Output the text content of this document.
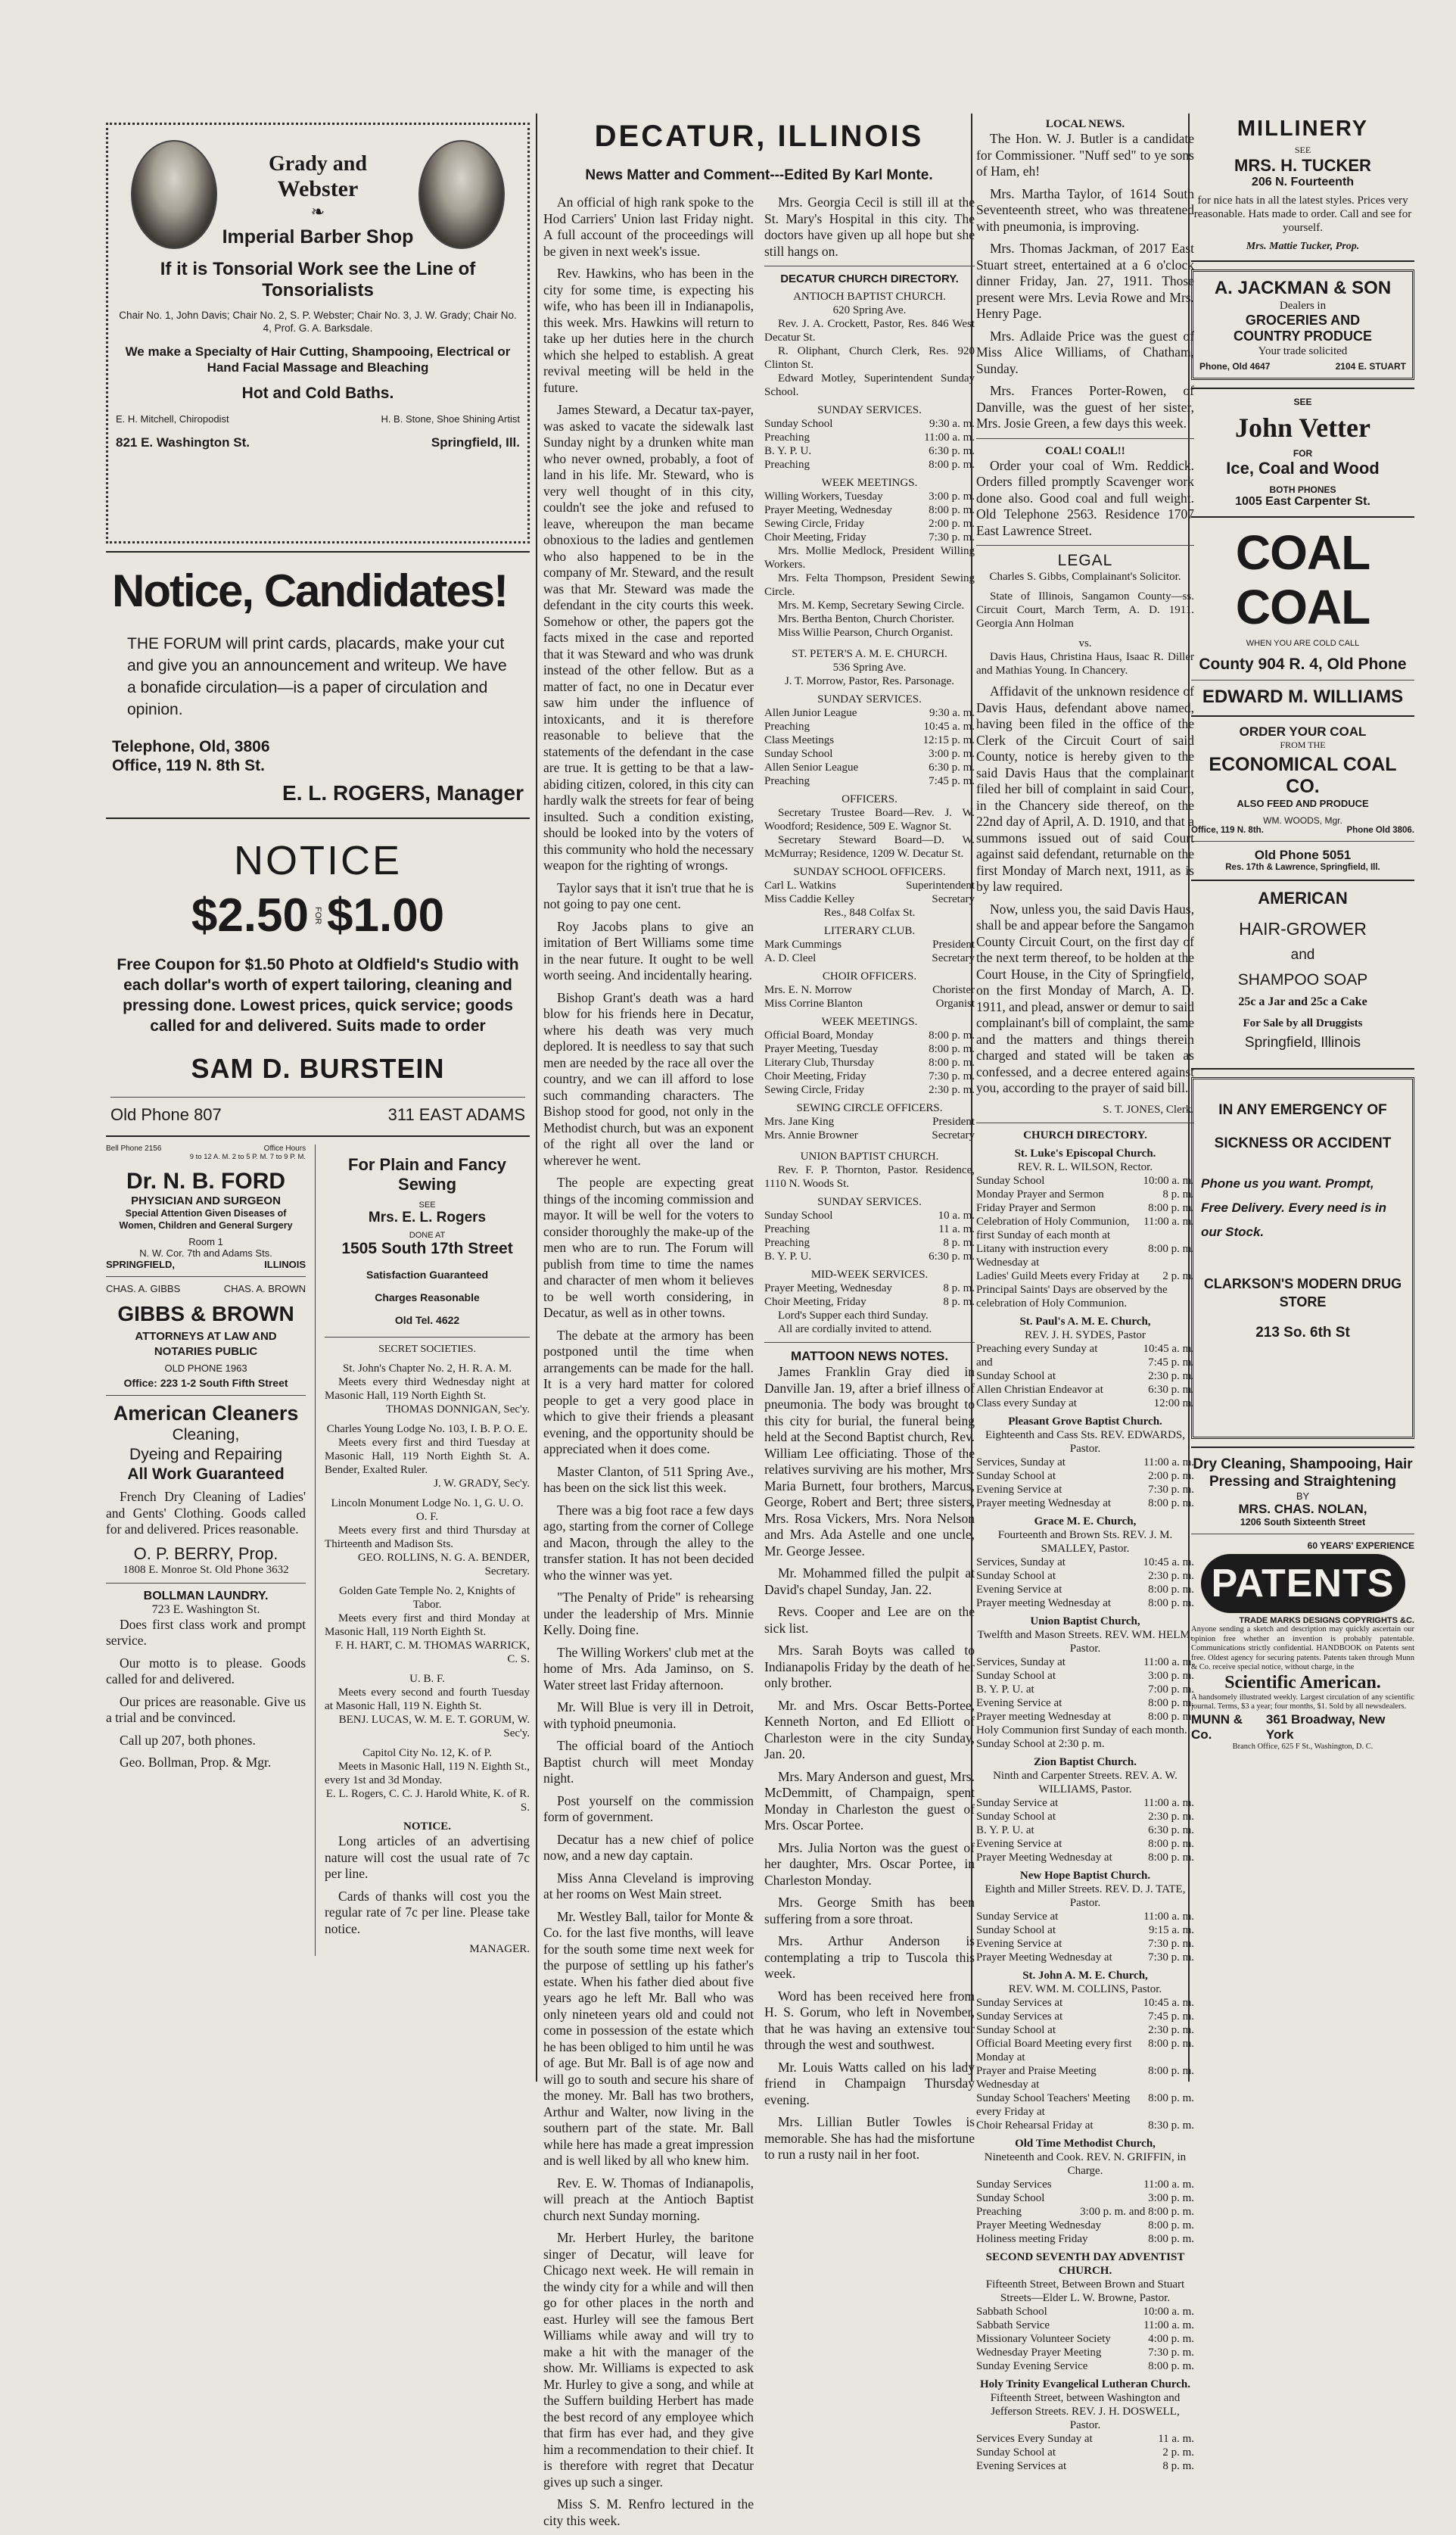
Grady and
Webster
❧
Imperial Barber Shop
If it is Tonsorial Work see the Line of Tonsorialists
Chair No. 1, John Davis; Chair No. 2, S. P. Webster; Chair No. 3, J. W. Grady; Chair No. 4, Prof. G. A. Barksdale.
We make a Specialty of Hair Cutting, Shampooing, Electrical or Hand Facial Massage and Bleaching
Hot and Cold Baths.
E. H. Mitchell, Chiropodist	H. B. Stone, Shoe Shining Artist
821 E. Washington St.	Springfield, Ill.
Notice, Candidates!
THE FORUM will print cards, placards, make your cut and give you an announcement and writeup. We have a bonafide circulation—is a paper of circulation and opinion.
Telephone, Old, 3806
Office, 119 N. 8th St.
E. L. ROGERS, Manager
NOTICE
$2.50 FOR $1.00
Free Coupon for $1.50 Photo at Oldfield's Studio with each dollar's worth of expert tailoring, cleaning and pressing done. Lowest prices, quick service; goods called for and delivered. Suits made to order
SAM D. BURSTEIN
Old Phone 807	311 EAST ADAMS
Bell Phone 2156	Office Hours
9 to 12 A. M. 2 to 5 P. M. 7 to 9 P. M.
Dr. N. B. FORD
PHYSICIAN AND SURGEON
Special Attention Given Diseases of Women, Children and General Surgery
Room 1
N. W. Cor. 7th and Adams Sts.
SPRINGFIELD,	ILLINOIS
CHAS. A. GIBBS	CHAS. A. BROWN
GIBBS & BROWN
ATTORNEYS AT LAW AND NOTARIES PUBLIC
OLD PHONE 1963
Office: 223 1-2 South Fifth Street
American Cleaners
Cleaning,
Dyeing and Repairing
All Work Guaranteed
French Dry Cleaning of Ladies' and Gents' Clothing. Goods called for and delivered. Prices reasonable.
O. P. BERRY, Prop.
1808 E. Monroe St. Old Phone 3632
BOLLMAN LAUNDRY.
723 E. Washington St.
Does first class work and prompt service.
Our motto is to please. Goods called for and delivered.
Our prices are reasonable. Give us a trial and be convinced.
Call up 207, both phones.
Geo. Bollman, Prop. & Mgr.
For Plain and Fancy Sewing
SEE
Mrs. E. L. Rogers
DONE AT
1505 South 17th Street
Satisfaction Guaranteed
Charges Reasonable
Old Tel. 4622
SECRET SOCIETIES.
St. John's Chapter No. 2, H. R. A. M.
Meets every third Wednesday night at Masonic Hall, 119 North Eighth St.
THOMAS DONNIGAN, Sec'y.
Charles Young Lodge No. 103, I. B. P. O. E.
Meets every first and third Tuesday at Masonic Hall, 119 North Eighth St. A. Bender, Exalted Ruler.
J. W. GRADY, Sec'y.
Lincoln Monument Lodge No. 1, G. U. O. O. F.
Meets every first and third Thursday at Thirteenth and Madison Sts.
GEO. ROLLINS, N. G. A. BENDER, Secretary.
Golden Gate Temple No. 2, Knights of Tabor.
Meets every first and third Monday at Masonic Hall, 119 North Eighth St.
F. H. HART, C. M. THOMAS WARRICK, C. S.
U. B. F.
Meets every second and fourth Tuesday at Masonic Hall, 119 N. Eighth St.
BENJ. LUCAS, W. M. E. T. GORUM, W. Sec'y.
Capitol City No. 12, K. of P.
Meets in Masonic Hall, 119 N. Eighth St., every 1st and 3d Monday.
E. L. Rogers, C. C. J. Harold White, K. of R. S.
NOTICE.
Long articles of an advertising nature will cost the usual rate of 7c per line.
Cards of thanks will cost you the regular rate of 7c per line. Please take notice.
MANAGER.
DECATUR, ILLINOIS
News Matter and Comment---Edited By Karl Monte.
An official of high rank spoke to the Hod Carriers' Union last Friday night. A full account of the proceedings will be given in next week's issue.
Rev. Hawkins, who has been in the city for some time, is expecting his wife, who has been ill in Indianapolis, this week. Mrs. Hawkins will return to take up her duties here in the church which she helped to establish. A great revival meeting will be held in the future.
James Steward, a Decatur tax-payer, was asked to vacate the sidewalk last Sunday night by a drunken white man who never owned, probably, a foot of land in his life. Mr. Steward, who is very well thought of in this city, couldn't see the joke and refused to leave, whereupon the man became obnoxious to the ladies and gentlemen who also happened to be in the company of Mr. Steward, and the result was that Mr. Steward was made the defendant in the city courts this week. Somehow or other, the papers got the facts mixed in the case and reported that it was Steward and who was drunk instead of the other fellow. But as a matter of fact, no one in Decatur ever saw him under the influence of intoxicants, and it is therefore reasonable to believe that the statements of the defendant in the case are true. It is getting to be that a law-abiding citizen, colored, in this city can hardly walk the streets for fear of being insulted. Such a condition existing, should be looked into by the voters of this community who hold the necessary weapon for the righting of wrongs.
Taylor says that it isn't true that he is not going to pay one cent.
Roy Jacobs plans to give an imitation of Bert Williams some time in the near future. It ought to be well worth seeing. And incidentally hearing.
Bishop Grant's death was a hard blow for his friends here in Decatur, where his death was very much deplored. It is needless to say that such men are needed by the race all over the country, and we can ill afford to lose such commanding characters. The Bishop stood for good, not only in the Methodist church, but was an exponent of the right all over the land or wherever he went.
The people are expecting great things of the incoming commission and mayor. It will be well for the voters to consider thoroughly the make-up of the men who are to run. The Forum will publish from time to time the names and character of men whom it believes to be well worth considering, in Decatur, as well as in other towns.
The debate at the armory has been postponed until the time when arrangements can be made for the hall. It is a very hard matter for colored people to get a very good place in which to give their friends a pleasant evening, and the opportunity should be appreciated when it does come.
Master Clanton, of 511 Spring Ave., has been on the sick list this week.
There was a big foot race a few days ago, starting from the corner of College and Macon, through the alley to the transfer station. It has not been decided who the winner was yet.
"The Penalty of Pride" is rehearsing under the leadership of Mrs. Minnie Kelly. Doing fine.
The Willing Workers' club met at the home of Mrs. Ada Jaminso, on S. Water street last Friday afternoon.
Mr. Will Blue is very ill in Detroit, with typhoid pneumonia.
The official board of the Antioch Baptist church will meet Monday night.
Post yourself on the commission form of government.
Decatur has a new chief of police now, and a new day captain.
Miss Anna Cleveland is improving at her rooms on West Main street.
Mr. Westley Ball, tailor for Monte & Co. for the last five months, will leave for the south some time next week for the purpose of settling up his father's estate. When his father died about five years ago he left Mr. Ball who was only nineteen years old and could not come in possession of the estate which he has been obliged to him until he was of age. But Mr. Ball is of age now and will go to south and secure his share of the money. Mr. Ball has two brothers, Arthur and Walter, now living in the southern part of the state. Mr. Ball while here has made a great impression and is well liked by all who knew him.
Rev. E. W. Thomas of Indianapolis, will preach at the Antioch Baptist church next Sunday morning.
Mr. Herbert Hurley, the baritone singer of Decatur, will leave for Chicago next week. He will remain in the windy city for a while and will then go for other places in the north and east. Hurley will see the famous Bert Williams while away and will try to make a hit with the manager of the show. Mr. Williams is expected to ask Mr. Hurley to give a song, and while at the Suffern building Herbert has made the best record of any employee which that firm has ever had, and they give him a recommendation to their chief. It is therefore with regret that Decatur gives up such a singer.
Miss S. M. Renfro lectured in the city this week.
Mrs. Georgia Cecil is still ill at the St. Mary's Hospital in this city. The doctors have given up all hope but she still hangs on.
DECATUR CHURCH DIRECTORY.
ANTIOCH BAPTIST CHURCH.
620 Spring Ave.
Rev. J. A. Crockett, Pastor, Res. 846 West Decatur St.
R. Oliphant, Church Clerk, Res. 920 Clinton St.
Edward Motley, Superintendent Sunday School.
SUNDAY SERVICES.
Sunday School	9:30 a. m.
Preaching	11:00 a. m.
B. Y. P. U.	6:30 p. m.
Preaching	8:00 p. m.
WEEK MEETINGS.
Willing Workers, Tuesday	3:00 p. m.
Prayer Meeting, Wednesday	8:00 p. m.
Sewing Circle, Friday	2:00 p. m.
Choir Meeting, Friday	7:30 p. m.
Mrs. Mollie Medlock, President Willing Workers.
Mrs. Felta Thompson, President Sewing Circle.
Mrs. M. Kemp, Secretary Sewing Circle.
Mrs. Bertha Benton, Church Chorister.
Miss Willie Pearson, Church Organist.
ST. PETER'S A. M. E. CHURCH.
536 Spring Ave.
J. T. Morrow, Pastor, Res. Parsonage.
SUNDAY SERVICES.
Allen Junior League	9:30 a. m.
Preaching	10:45 a. m.
Class Meetings	12:15 p. m.
Sunday School	3:00 p. m.
Allen Senior League	6:30 p. m.
Preaching	7:45 p. m.
OFFICERS.
Secretary Trustee Board—Rev. J. W. Woodford; Residence, 509 E. Wagnor St.
Secretary Steward Board—D. W. McMurray; Residence, 1209 W. Decatur St.
SUNDAY SCHOOL OFFICERS.
Carl L. Watkins	Superintendent
Miss Caddie Kelley	Secretary
Res., 848 Colfax St.
LITERARY CLUB.
Mark Cummings	President
A. D. Cleel	Secretary
CHOIR OFFICERS.
Mrs. E. N. Morrow	Chorister
Miss Corrine Blanton	Organist
WEEK MEETINGS.
Official Board, Monday	8:00 p. m.
Prayer Meeting, Tuesday	8:00 p. m.
Literary Club, Thursday	8:00 p. m.
Choir Meeting, Friday	7:30 p. m.
Sewing Circle, Friday	2:30 p. m.
SEWING CIRCLE OFFICERS.
Mrs. Jane King	President
Mrs. Annie Browner	Secretary
UNION BAPTIST CHURCH.
Rev. F. P. Thornton, Pastor. Residence, 1110 N. Woods St.
SUNDAY SERVICES.
Sunday School	10 a. m.
Preaching	11 a. m.
Preaching	8 p. m.
B. Y. P. U.	6:30 p. m.
MID-WEEK SERVICES.
Prayer Meeting, Wednesday	8 p. m.
Choir Meeting, Friday	8 p. m.
Lord's Supper each third Sunday.
All are cordially invited to attend.
MATTOON NEWS NOTES.
James Franklin Gray died in Danville Jan. 19, after a brief illness of pneumonia. The body was brought to this city for burial, the funeral being held at the Second Baptist church, Rev. William Lee officiating. Those of the relatives surviving are his mother, Mrs. Maria Burnett, four brothers, Marcus, George, Robert and Bert; three sisters, Mrs. Rosa Vickers, Mrs. Nora Nelson and Mrs. Ada Astelle and one uncle, Mr. George Jessee.
Mr. Mohammed filled the pulpit at David's chapel Sunday, Jan. 22.
Revs. Cooper and Lee are on the sick list.
Mrs. Sarah Boyts was called to Indianapolis Friday by the death of her only brother.
Mr. and Mrs. Oscar Betts-Portee, Kenneth Norton, and Ed Elliott of Charleston were in the city Sunday, Jan. 20.
Mrs. Mary Anderson and guest, Mrs. McDemmitt, of Champaign, spent Monday in Charleston the guest of Mrs. Oscar Portee.
Mrs. Julia Norton was the guest of her daughter, Mrs. Oscar Portee, in Charleston Monday.
Mrs. George Smith has been suffering from a sore throat.
Mrs. Arthur Anderson is contemplating a trip to Tuscola this week.
Word has been received here from H. S. Gorum, who left in November, that he was having an extensive tour through the west and southwest.
Mr. Louis Watts called on his lady friend in Champaign Thursday evening.
Mrs. Lillian Butler Towles is memorable. She has had the misfortune to run a rusty nail in her foot.
LOCAL NEWS.
The Hon. W. J. Butler is a candidate for Commissioner. "Nuff sed" to ye sons of Ham, eh!
Mrs. Martha Taylor, of 1614 South Seventeenth street, who was threatened with pneumonia, is improving.
Mrs. Thomas Jackman, of 2017 East Stuart street, entertained at a 6 o'clock dinner Friday, Jan. 27, 1911. Those present were Mrs. Levia Rowe and Mrs. Henry Page.
Mrs. Adlaide Price was the guest of Miss Alice Williams, of Chatham, Sunday.
Mrs. Frances Porter-Rowen, of Danville, was the guest of her sister, Mrs. Josie Green, a few days this week.
COAL! COAL!!
Order your coal of Wm. Reddick. Orders filled promptly Scavenger work done also. Good coal and full weight. Old Telephone 2563. Residence 1707 East Lawrence Street.
LEGAL
Charles S. Gibbs, Complainant's Solicitor.
State of Illinois, Sangamon County—ss. Circuit Court, March Term, A. D. 1911. Georgia Ann Holman
vs.
Davis Haus, Christina Haus, Isaac R. Diller and Mathias Young. In Chancery.
Affidavit of the unknown residence of Davis Haus, defendant above named, having been filed in the office of the Clerk of the Circuit Court of said County, notice is hereby given to the said Davis Haus that the complainant filed her bill of complaint in said Court, in the Chancery side thereof, on the 22nd day of April, A. D. 1910, and that a summons issued out of said Court against said defendant, returnable on the first Monday of March next, 1911, as is by law required.
Now, unless you, the said Davis Haus, shall be and appear before the Sangamon County Circuit Court, on the first day of the next term thereof, to be holden at the Court House, in the City of Springfield, on the first Monday of March, A. D. 1911, and plead, answer or demur to said complainant's bill of complaint, the same and the matters and things therein charged and stated will be taken as confessed, and a decree entered against you, according to the prayer of said bill.
S. T. JONES, Clerk.
CHURCH DIRECTORY.
St. Luke's Episcopal Church.
REV. R. L. WILSON, Rector.
Sunday School	10:00 a. m.
Monday Prayer and Sermon	8 p. m.
Friday Prayer and Sermon	8:00 p. m.
Celebration of Holy Communion, first Sunday of each month at
11:00 a. m.
Litany with instruction every Wednesday at
8:00 p. m.
Ladies' Guild Meets every Friday at	2 p. m.
Principal Saints' Days are observed by the celebration of Holy Communion.
St. Paul's A. M. E. Church,
REV. J. H. SYDES, Pastor
Preaching every Sunday at	10:45 a. m.
and	7:45 p. m.
Sunday School at	2:30 p. m.
Allen Christian Endeavor at	6:30 p. m.
Class every Sunday at	12:00 m.
Pleasant Grove Baptist Church.
Eighteenth and Cass Sts. REV. EDWARDS, Pastor.
Services, Sunday at	11:00 a. m.
Sunday School at	2:00 p. m.
Evening Service at	7:30 p. m.
Prayer meeting Wednesday at	8:00 p. m.
Grace M. E. Church,
Fourteenth and Brown Sts. REV. J. M. SMALLEY, Pastor.
Services, Sunday at	10:45 a. m.
Sunday School at	2:30 p. m.
Evening Service at	8:00 p. m.
Prayer meeting Wednesday at	8:00 p. m.
Union Baptist Church,
Twelfth and Mason Streets. REV. WM. HELM, Pastor.
Services, Sunday at	11:00 a. m.
Sunday School at	3:00 p. m.
B. Y. P. U. at	7:00 p. m.
Evening Service at	8:00 p. m.
Prayer meeting Wednesday at	8:00 p. m.
Holy Communion first Sunday of each month.
Sunday School at 2:30 p. m.
Zion Baptist Church.
Ninth and Carpenter Streets. REV. A. W. WILLIAMS, Pastor.
Sunday Service at	11:00 a. m.
Sunday School at	2:30 p. m.
B. Y. P. U. at	6:30 p. m.
Evening Service at	8:00 p. m.
Prayer Meeting Wednesday at	8:00 p. m.
New Hope Baptist Church.
Eighth and Miller Streets. REV. D. J. TATE, Pastor.
Sunday Service at	11:00 a. m.
Sunday School at	9:15 a. m.
Evening Service at	7:30 p. m.
Prayer Meeting Wednesday at	7:30 p. m.
St. John A. M. E. Church,
REV. WM. M. COLLINS, Pastor.
Sunday Services at	10:45 a. m.
Sunday Services at	7:45 p. m.
Sunday School at	2:30 p. m.
Official Board Meeting every first Monday at
8:00 p. m.
Prayer and Praise Meeting Wednesday at
8:00 p. m.
Sunday School Teachers' Meeting every Friday at
8:00 p. m.
Choir Rehearsal Friday at	8:30 p. m.
Old Time Methodist Church,
Nineteenth and Cook. REV. N. GRIFFIN, in Charge.
Sunday Services	11:00 a. m.
Sunday School	3:00 p. m.
Preaching	3:00 p. m. and 8:00 p. m.
Prayer Meeting Wednesday	8:00 p. m.
Holiness meeting Friday	8:00 p. m.
SECOND SEVENTH DAY ADVENTIST CHURCH.
Fifteenth Street, Between Brown and Stuart Streets—Elder L. W. Browne, Pastor.
Sabbath School	10:00 a. m.
Sabbath Service	11:00 a. m.
Missionary Volunteer Society	4:00 p. m.
Wednesday Prayer Meeting	7:30 p. m.
Sunday Evening Service	8:00 p. m.
Holy Trinity Evangelical Lutheran Church.
Fifteenth Street, between Washington and Jefferson Streets. REV. J. H. DOSWELL, Pastor.
Services Every Sunday at	11 a. m.
Sunday School at	2 p. m.
Evening Services at	8 p. m.
MILLINERY
SEE
MRS. H. TUCKER
206 N. Fourteenth
for nice hats in all the latest styles. Prices very reasonable. Hats made to order. Call and see for yourself.
Mrs. Mattie Tucker, Prop.
A. JACKMAN & SON
Dealers in
GROCERIES AND
COUNTRY PRODUCE
Your trade solicited
Phone, Old 4647	2104 E. STUART
SEE
John Vetter
FOR
Ice, Coal and Wood
BOTH PHONES
1005 East Carpenter St.
COAL COAL
WHEN YOU ARE COLD CALL
County 904 R. 4, Old Phone
EDWARD M. WILLIAMS
ORDER YOUR COAL
FROM THE
ECONOMICAL COAL CO.
ALSO FEED AND PRODUCE
WM. WOODS, Mgr.
Office, 119 N. 8th.	Phone Old 3806.
Old Phone 5051
Res. 17th & Lawrence, Springfield, Ill.
AMERICAN
HAIR-GROWER
and
SHAMPOO SOAP
25c a Jar and 25c a Cake
For Sale by all Druggists
Springfield, Illinois
IN ANY EMERGENCY OF
SICKNESS OR ACCIDENT
Phone us you want. Prompt, Free Delivery. Every need is in our Stock.
CLARKSON'S MODERN DRUG STORE
213 So. 6th St
Dry Cleaning, Shampooing, Hair Pressing and Straightening
BY
MRS. CHAS. NOLAN,
1206 South Sixteenth Street
60 YEARS' EXPERIENCE
PATENTS
TRADE MARKS DESIGNS COPYRIGHTS &C.
Anyone sending a sketch and description may quickly ascertain our opinion free whether an invention is probably patentable. Communications strictly confidential. HANDBOOK on Patents sent free. Oldest agency for securing patents. Patents taken through Munn & Co. receive special notice, without charge, in the
Scientific American.
A handsomely illustrated weekly. Largest circulation of any scientific journal. Terms, $3 a year; four months, $1. Sold by all newsdealers.
MUNN & Co.
361 Broadway, New York
Branch Office, 625 F St., Washington, D. C.
